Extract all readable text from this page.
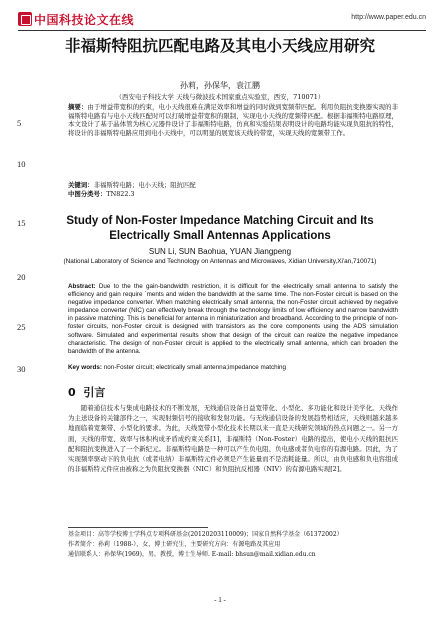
中国科技论文在线	http://www.paper.edu.cn
5
10
15
20
25
30
非福斯特阻抗匹配电路及其电小天线应用研究
孙莉，孙保华，袁江鹏
（西安电子科技大学 天线与微波技术国家重点实验室，西安，710071）
摘要：由于增益带宽积的约束，电小天线很难在满足效率和增益的同时做到宽频带匹配。利用负阻抗变换器实现的非福斯特电路有与电小天线匹配时可以打破增益带宽积的限制，实现电小天线的宽频带匹配。根据非福斯特电路原理，本文设计了基于晶体管为核心元器件设计了非福斯特电路，仿真和实验结果表明设计的电路均能实现负阻抗的特性，将设计的非福斯特电路应用到电小天线中，可以明显的展宽该天线的带宽，实现天线的宽频带工作。
关键词：非福斯特电路；电小天线；阻抗匹配
中图分类号：TN822.3
Study of Non-Foster Impedance Matching Circuit and Its Electrically Small Antennas Applications
SUN Li, SUN Baohua, YUAN Jiangpeng
(National Laboratory of Science and Technology on Antennas and Microwaves, Xidian University,Xi'an,710071)
Abstract: Due to the the gain-bandwidth restriction, it is difficult for the electrically small antenna to satisfy the efficiency and gain require `ments and widen the bandwidth at the same time. The non-Foster circuit is based on the negative impedance converter. When matching electrically small antenna, the non-Foster circuit achieved by negative impedance converter (NIC) can effectively break through the technology limits of low efficiency and narrow bandwidth in passive matching. This is beneficial for antenna in miniaturization and broadband. According to the principle of non-foster circuits, non-Foster circuit is designed with transistors as the core components using the ADS simulation software. Simulated and experimental results show that design of the circuit can realize the negative impedance characteristic. The design of non-Foster circuit is applied to the electrically small antenna, which can broaden the bandwidth of the antenna.
Key words: non-Foster circuit; electrically small antenna;impedance matching
0 引言

随着通信技术与集成电路技术的不断发展，无线通信设备日益宽带化、小型化、多功能化和设计美学化。天线作为主送设备的关键部件之一，实现射频信号的接收和发射功能。与无线通信设备的发展趋势相适应，天线则越来越多地面临着宽频带、小型化的要求。为此，天线宽带小型化技术长期以来一直是天线研究领域的热点问题之一。另一方面，天线的带宽、效率与体积构成矛盾成约束关系[1]，非福斯特（Non-Foster）电路的提出，使电小天线的阻抗匹配和阻抗变换进入了一个新纪元。非福斯特电路是一种可以产生负电阻、负电感或者负电容的有源电路。因此，为了实现频率驱动下的负电抗（或者电纳）非福斯特元件必须是产生能量而不是消耗能量。所以，由负电感和负电容组成的非福斯特元件应由被称之为负阻抗变换器（NIC）和负阻抗反相器（NIV）的有源电路实现[2]。

基金项目：高等学校博士学科点专项科研基金(20120203110009)；国家自然科学基金（61372002）
作者简介：孙莉（1988-），女，博士研究生，主要研究方向：有源电路及其应用
通信联系人：孙保华(1969)，男，教授，博士生导师. E-mail: bhsun@mail.xidian.edu.cn
- 1 -
